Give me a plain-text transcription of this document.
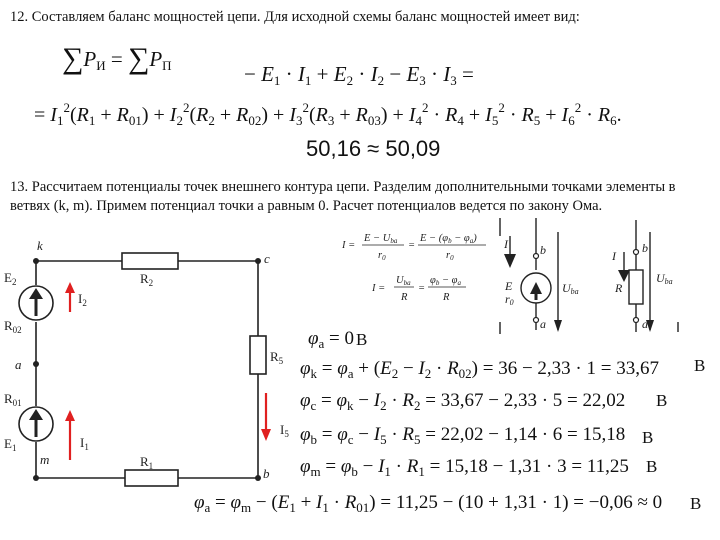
12. Составляем баланс мощностей цепи. Для исходной схемы баланс мощностей имеет вид:
$\sum P_И = \sum P_П$	− $E_1 \cdot I_1 + E_2 \cdot I_2 - E_3 \cdot I_3$ =
= $I_1^2(R_1 + R_{01}) + I_2^2(R_2 + R_{02}) + I_3^2(R_3 + R_{03}) + I_4^2 \cdot R_4 + I_5^2 \cdot R_5 + I_6^2 \cdot R_6$.
50,16 ≈ 50,09
13. Рассчитаем потенциалы точек внешнего контура цепи. Разделим дополнительными точками элементы в ветвях (k, m). Примем потенциал точки a равным 0. Расчет потенциалов ведется по закону Ома.
k
c
a
b
m
$E_2$
$R_{02}$
$R_2$
$R_5$
$R_{01}$
$E_1$
$R_1$
$I_2$
$I_5$
$I_1$
I =
E − Uba
r0
=
E − (φb − φa)
r0
I =
Uba
R
=
φb − φa
R
I	b
E
r0
Uba
a
I
b
R
Uba
a
$\varphi_a = 0$ В
$\varphi_k = \varphi_a + (E_2 - I_2 \cdot R_{02}) = 36 - 2,33 \cdot 1 = 33,67$ В
$\varphi_c = \varphi_k - I_2 \cdot R_2 = 33,67 - 2,33 \cdot 5 = 22,02$ В
$\varphi_b = \varphi_c - I_5 \cdot R_5 = 22,02 - 1,14 \cdot 6 = 15,18$ В
$\varphi_m = \varphi_b - I_1 \cdot R_1 = 15,18 - 1,31 \cdot 3 = 11,25$ В
$\varphi_a = \varphi_m - (E_1 + I_1 \cdot R_{01}) = 11,25 - (10 + 1,31 \cdot 1) = -0,06 \approx 0$ В
